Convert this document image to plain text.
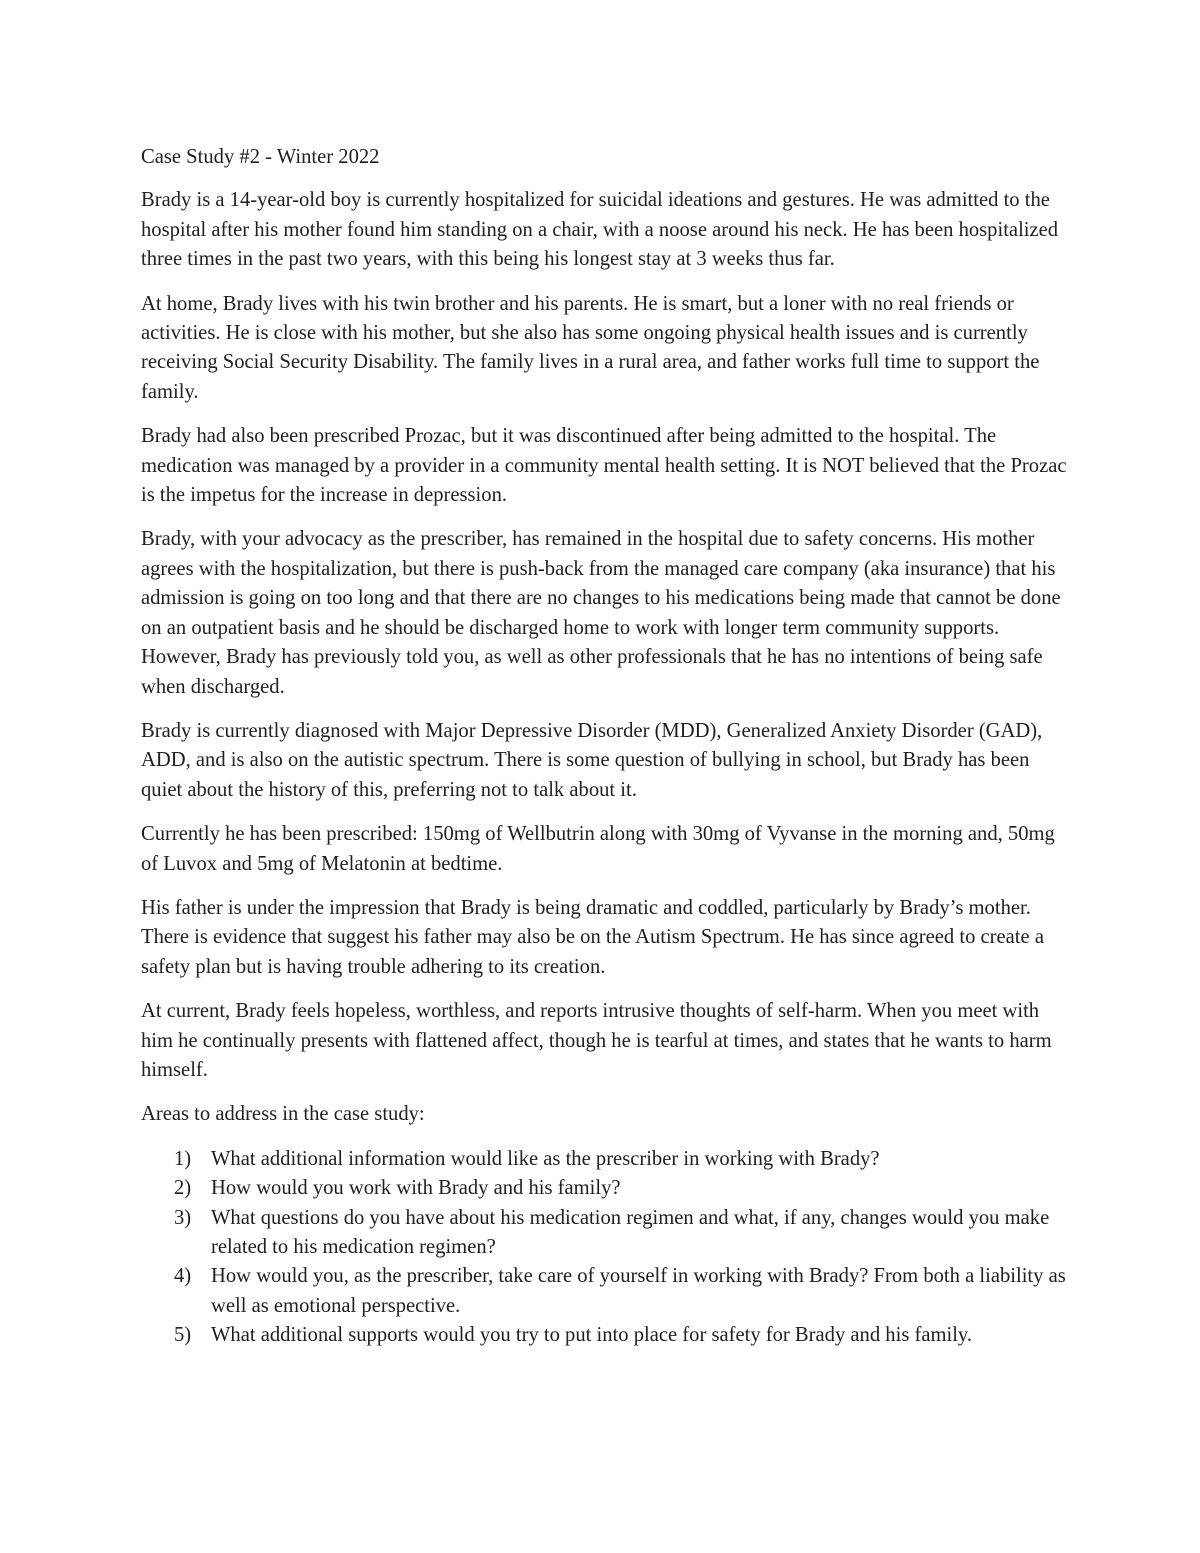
Case Study #2 - Winter 2022

Brady is a 14-year-old boy is currently hospitalized for suicidal ideations and gestures. He was admitted to the hospital after his mother found him standing on a chair, with a noose around his neck. He has been hospitalized three times in the past two years, with this being his longest stay at 3 weeks thus far.

At home, Brady lives with his twin brother and his parents. He is smart, but a loner with no real friends or activities. He is close with his mother, but she also has some ongoing physical health issues and is currently receiving Social Security Disability. The family lives in a rural area, and father works full time to support the family.

Brady had also been prescribed Prozac, but it was discontinued after being admitted to the hospital. The medication was managed by a provider in a community mental health setting. It is NOT believed that the Prozac is the impetus for the increase in depression.

Brady, with your advocacy as the prescriber, has remained in the hospital due to safety concerns. His mother agrees with the hospitalization, but there is push-back from the managed care company (aka insurance) that his admission is going on too long and that there are no changes to his medications being made that cannot be done on an outpatient basis and he should be discharged home to work with longer term community supports. However, Brady has previously told you, as well as other professionals that he has no intentions of being safe when discharged.

Brady is currently diagnosed with Major Depressive Disorder (MDD), Generalized Anxiety Disorder (GAD), ADD, and is also on the autistic spectrum. There is some question of bullying in school, but Brady has been quiet about the history of this, preferring not to talk about it.

Currently he has been prescribed: 150mg of Wellbutrin along with 30mg of Vyvanse in the morning and, 50mg of Luvox and 5mg of Melatonin at bedtime.

His father is under the impression that Brady is being dramatic and coddled, particularly by Brady’s mother. There is evidence that suggest his father may also be on the Autism Spectrum. He has since agreed to create a safety plan but is having trouble adhering to its creation.

At current, Brady feels hopeless, worthless, and reports intrusive thoughts of self-harm. When you meet with him he continually presents with flattened affect, though he is tearful at times, and states that he wants to harm himself.

Areas to address in the case study:

1) What additional information would like as the prescriber in working with Brady?
2) How would you work with Brady and his family?
3) What questions do you have about his medication regimen and what, if any, changes would you make related to his medication regimen?
4) How would you, as the prescriber, take care of yourself in working with Brady? From both a liability as well as emotional perspective.
5) What additional supports would you try to put into place for safety for Brady and his family.
